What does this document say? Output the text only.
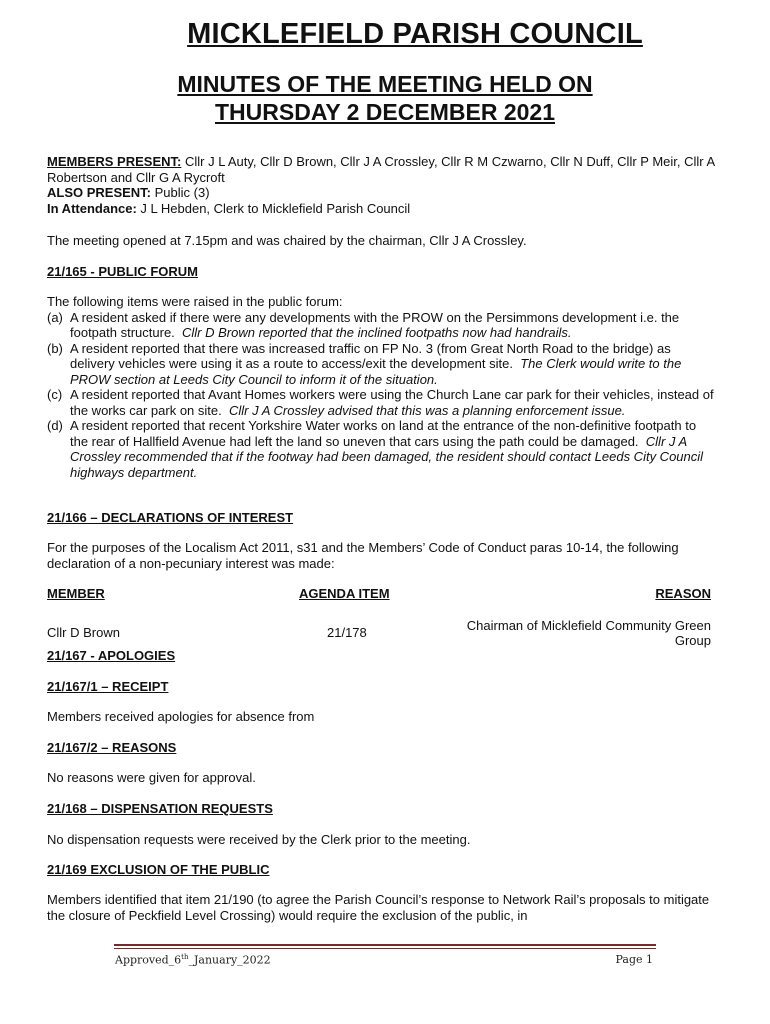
MICKLEFIELD PARISH COUNCIL
MINUTES OF THE MEETING HELD ON
THURSDAY 2 DECEMBER 2021
MEMBERS PRESENT: Cllr J L Auty, Cllr D Brown, Cllr J A Crossley, Cllr R M Czwarno, Cllr N Duff, Cllr P Meir, Cllr A Robertson and Cllr G A Rycroft
ALSO PRESENT: Public (3)
In Attendance: J L Hebden, Clerk to Micklefield Parish Council
The meeting opened at 7.15pm and was chaired by the chairman, Cllr J A Crossley.
21/165 - PUBLIC FORUM
The following items were raised in the public forum:
(a) A resident asked if there were any developments with the PROW on the Persimmons development i.e. the footpath structure. Cllr D Brown reported that the inclined footpaths now had handrails.
(b) A resident reported that there was increased traffic on FP No. 3 (from Great North Road to the bridge) as delivery vehicles were using it as a route to access/exit the development site. The Clerk would write to the PROW section at Leeds City Council to inform it of the situation.
(c) A resident reported that Avant Homes workers were using the Church Lane car park for their vehicles, instead of the works car park on site. Cllr J A Crossley advised that this was a planning enforcement issue.
(d) A resident reported that recent Yorkshire Water works on land at the entrance of the non-definitive footpath to the rear of Hallfield Avenue had left the land so uneven that cars using the path could be damaged. Cllr J A Crossley recommended that if the footway had been damaged, the resident should contact Leeds City Council highways department.
21/166 – DECLARATIONS OF INTEREST
For the purposes of the Localism Act 2011, s31 and the Members’ Code of Conduct paras 10-14, the following declaration of a non-pecuniary interest was made:
MEMBER	AGENDA ITEM	REASON

Cllr D Brown	21/178	Chairman of Micklefield Community Green Group
21/167 - APOLOGIES
21/167/1 – RECEIPT
Members received apologies for absence from
21/167/2 – REASONS
No reasons were given for approval.
21/168 – DISPENSATION REQUESTS
No dispensation requests were received by the Clerk prior to the meeting.
21/169 EXCLUSION OF THE PUBLIC
Members identified that item 21/190 (to agree the Parish Council’s response to Network Rail’s proposals to mitigate the closure of Peckfield Level Crossing) would require the exclusion of the public, in
Approved_6th_January_2022	Page 1
